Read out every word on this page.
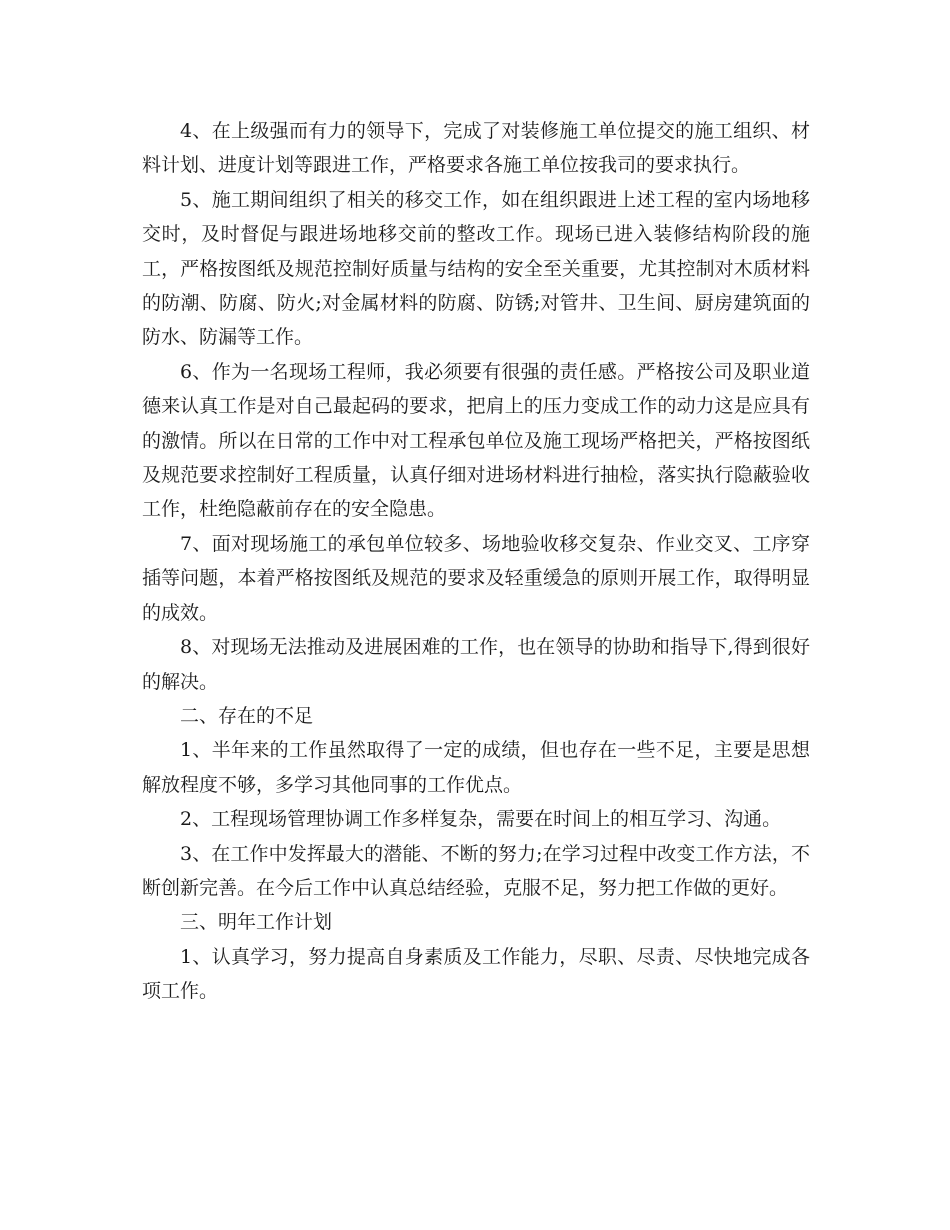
4、在上级强而有力的领导下，完成了对装修施工单位提交的施工组织、材料计划、进度计划等跟进工作，严格要求各施工单位按我司的要求执行。

5、施工期间组织了相关的移交工作，如在组织跟进上述工程的室内场地移交时，及时督促与跟进场地移交前的整改工作。现场已进入装修结构阶段的施工，严格按图纸及规范控制好质量与结构的安全至关重要，尤其控制对木质材料的防潮、防腐、防火;对金属材料的防腐、防锈;对管井、卫生间、厨房建筑面的防水、防漏等工作。

6、作为一名现场工程师，我必须要有很强的责任感。严格按公司及职业道德来认真工作是对自己最起码的要求，把肩上的压力变成工作的动力这是应具有的激情。所以在日常的工作中对工程承包单位及施工现场严格把关，严格按图纸及规范要求控制好工程质量，认真仔细对进场材料进行抽检，落实执行隐蔽验收工作，杜绝隐蔽前存在的安全隐患。

7、面对现场施工的承包单位较多、场地验收移交复杂、作业交叉、工序穿插等问题，本着严格按图纸及规范的要求及轻重缓急的原则开展工作，取得明显的成效。

8、对现场无法推动及进展困难的工作，也在领导的协助和指导下,得到很好的解决。

二、存在的不足

1、半年来的工作虽然取得了一定的成绩，但也存在一些不足，主要是思想解放程度不够，多学习其他同事的工作优点。

2、工程现场管理协调工作多样复杂，需要在时间上的相互学习、沟通。

3、在工作中发挥最大的潜能、不断的努力;在学习过程中改变工作方法，不断创新完善。在今后工作中认真总结经验，克服不足，努力把工作做的更好。

三、明年工作计划

1、认真学习，努力提高自身素质及工作能力，尽职、尽责、尽快地完成各项工作。
